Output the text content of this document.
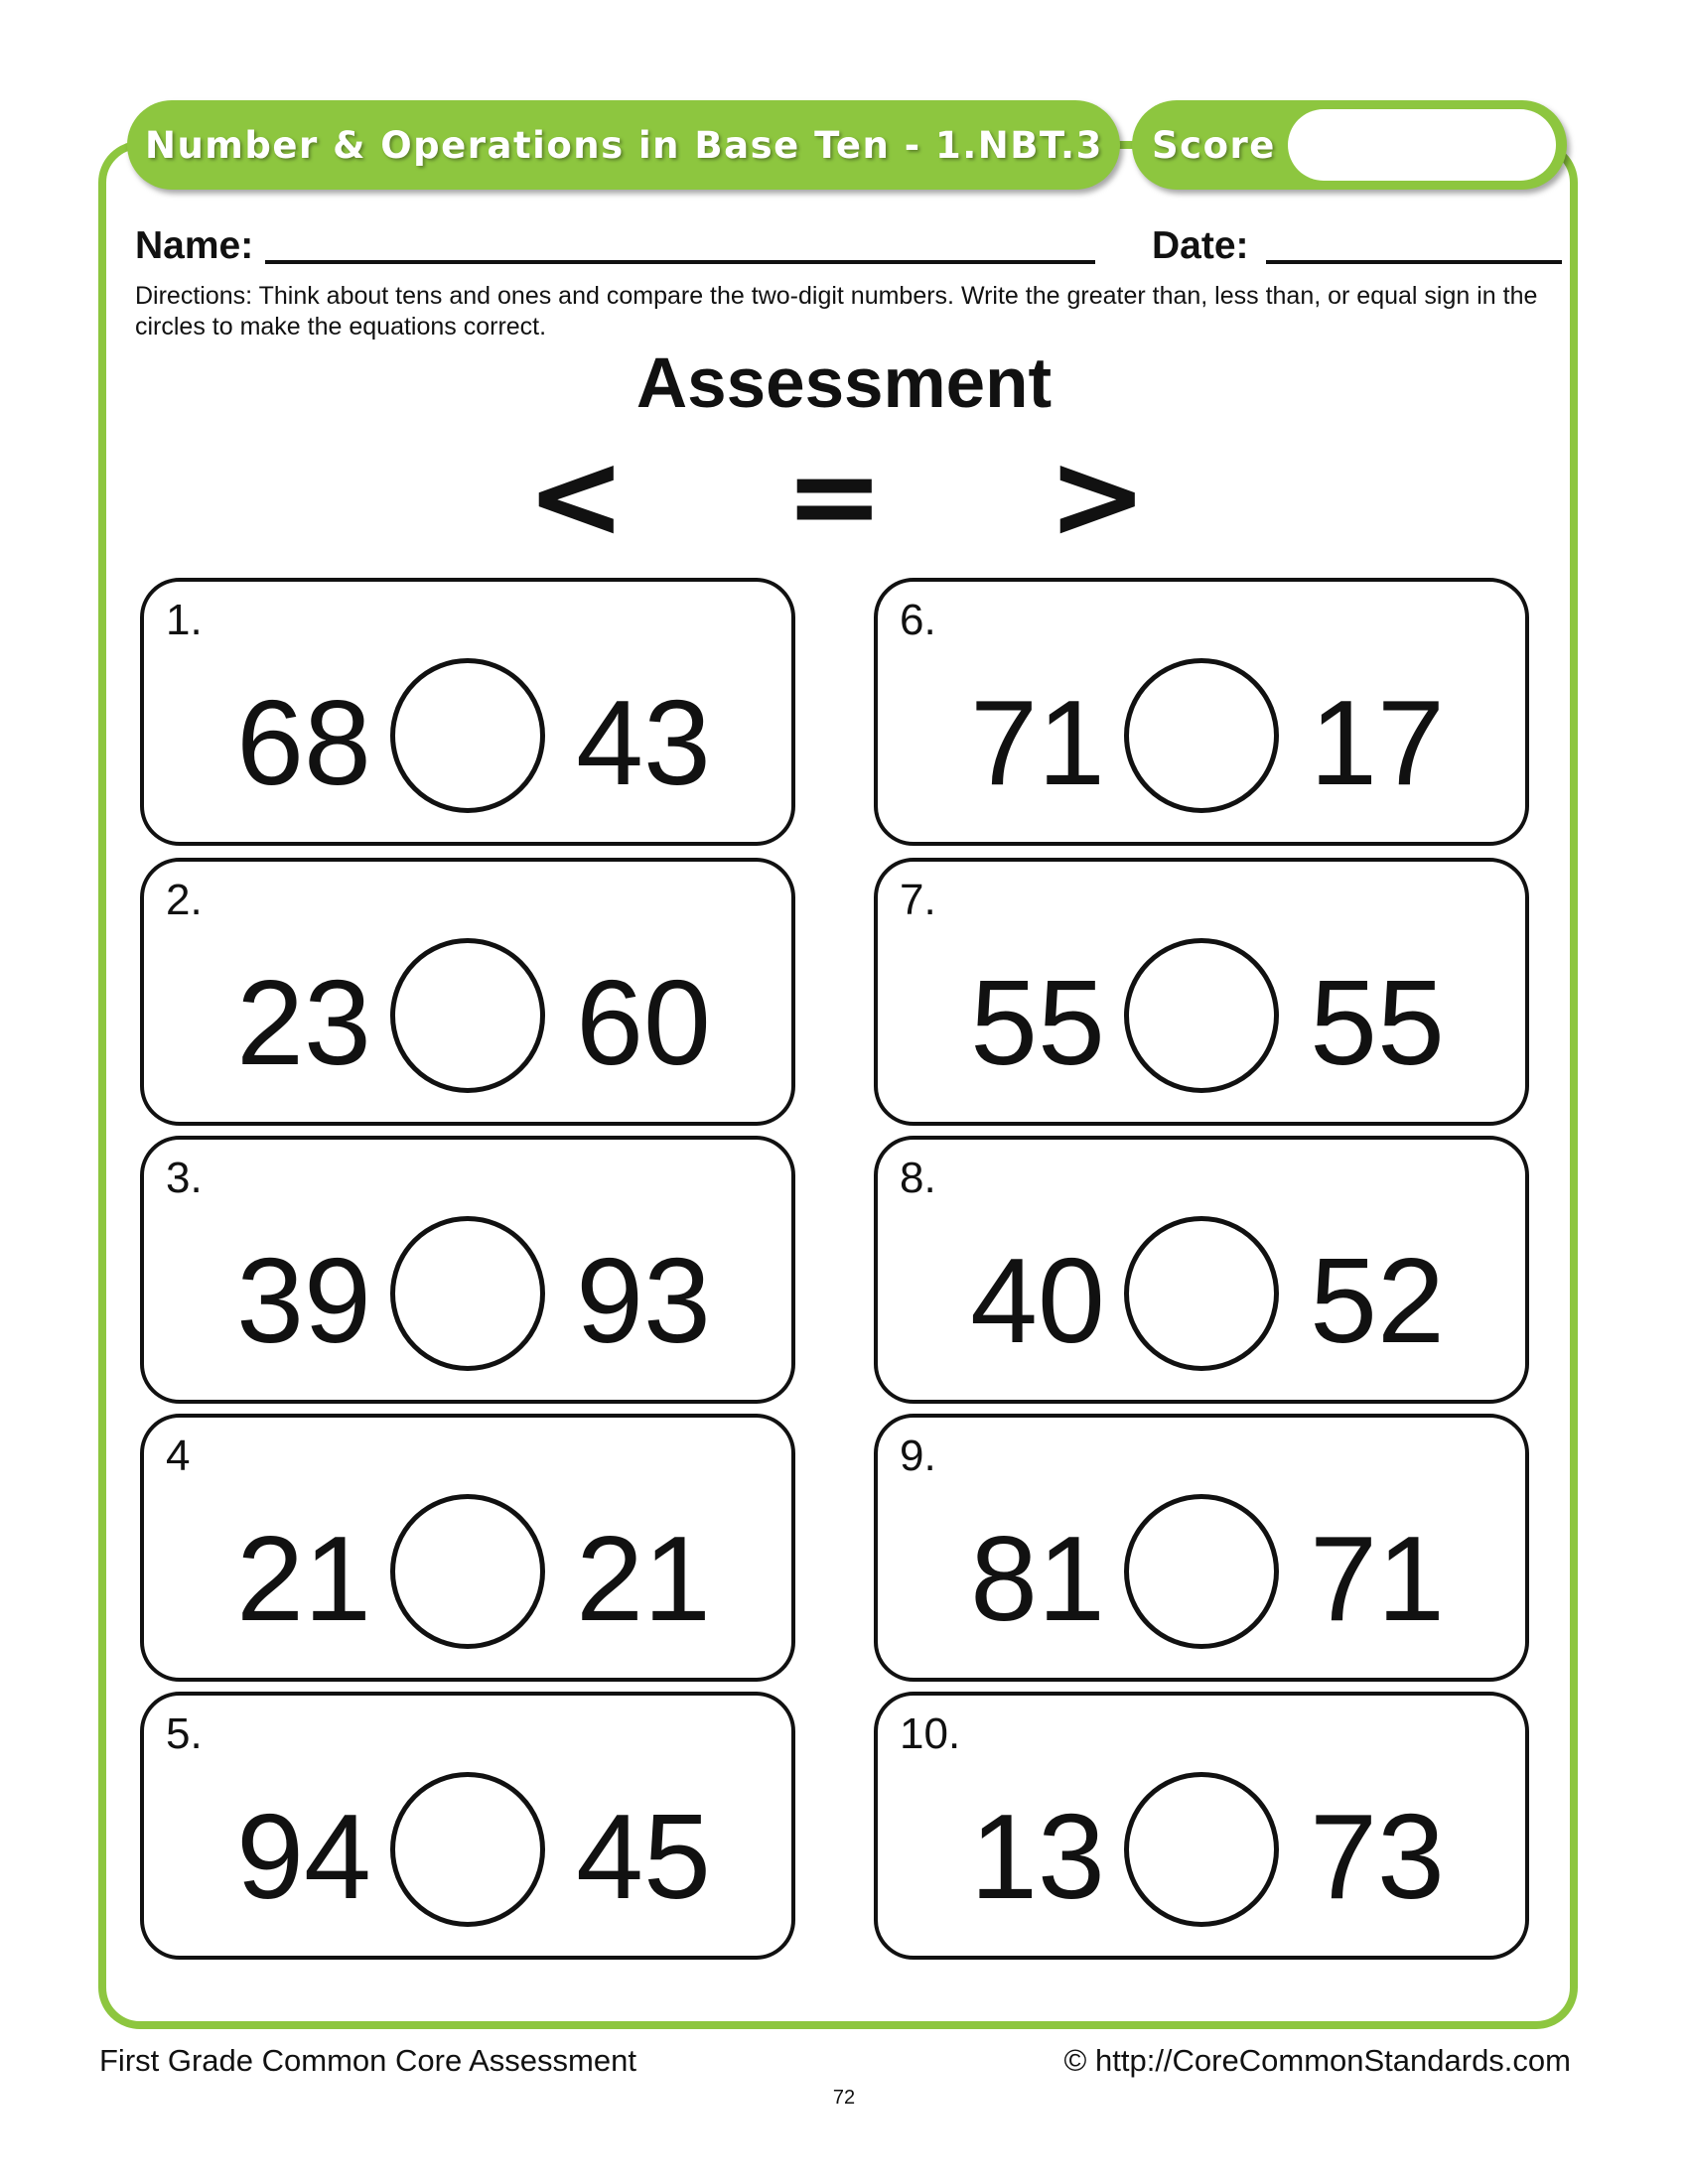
Number & Operations in Base Ten - 1.NBT.3 Score
Name:	Date:
Directions: Think about tens and ones and compare the two-digit numbers. Write the greater than, less than, or equal sign in the circles to make the equations correct.
Assessment
< = >
1.
68 43
2.
23 60
3.
39 93
4
21 21
5.
94 45
6.
71 17
7.
55 55
8.
40 52
9.
81 71
10.
13 73
First Grade Common Core Assessment	© http://CoreCommonStandards.com
72
